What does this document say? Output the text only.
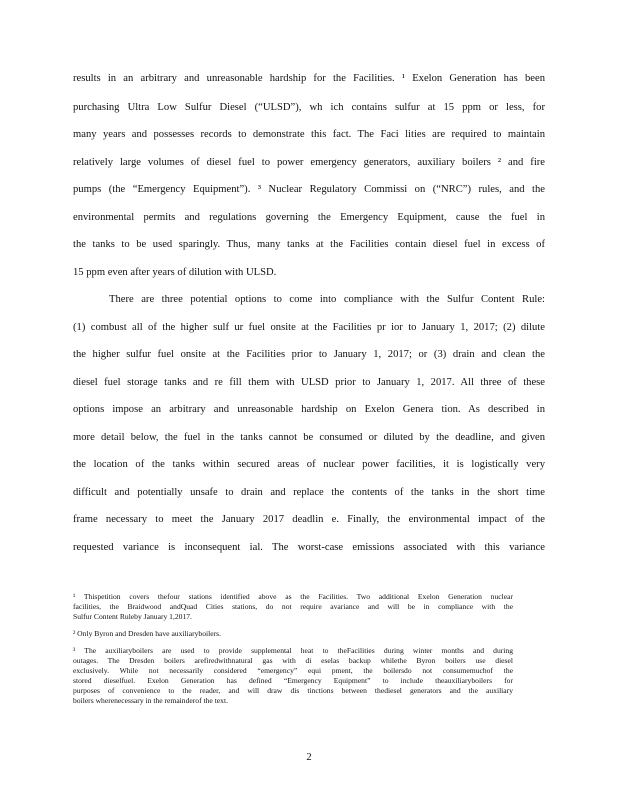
results in an arbitrary and unreasonable hardship for the Facilities. ¹ Exelon Generation has been
purchasing Ultra Low Sulfur Diesel (“ULSD”), wh ich contains sulfur at 15 ppm or less, for
many years and possesses records to demonstrate this fact. The Faci lities are required to maintain
relatively large volumes of diesel fuel to power emergency generators, auxiliary boilers ² and fire
pumps (the “Emergency Equipment”). ³ Nuclear Regulatory Commissi on (“NRC”) rules, and the
environmental permits and regulations governing the Emergency Equipment, cause the fuel in
the tanks to be used sparingly. Thus, many tanks at the Facilities contain diesel fuel in excess of
15 ppm even after years of dilution with ULSD.
There are three potential options to come into compliance with the Sulfur Content Rule:
(1) combust all of the higher sulf ur fuel onsite at the Facilities pr ior to January 1, 2017; (2) dilute
the higher sulfur fuel onsite at the Facilities prior to January 1, 2017; or (3) drain and clean the
diesel fuel storage tanks and re fill them with ULSD prior to January 1, 2017. All three of these
options impose an arbitrary and unreasonable hardship on Exelon Genera tion. As described in
more detail below, the fuel in the tanks cannot be consumed or diluted by the deadline, and given
the location of the tanks within secured areas of nuclear power facilities, it is logistically very
difficult and potentially unsafe to drain and replace the contents of the tanks in the short time
frame necessary to meet the January 2017 deadlin e. Finally, the environmental impact of the
requested variance is inconsequent ial. The worst-case emissions associated with this variance
¹ Thispetition covers thefour stations identified above as the Facilities. Two additional Exelon Generation nuclear
facilities, the Braidwood andQuad Cities stations, do not require avariance and will be in compliance with the
Sulfur Content Ruleby January 1,2017.
² Only Byron and Dresden have auxiliaryboilers.
³ The auxiliaryboilers are used to provide supplemental heat to theFacilities during winter months and during
outages. The Dresden boilers arefiredwithnatural gas with di eselas backup whilethe Byron boilers use diesel
exclusively. While not necessarily considered “emergency” equi pment, the boilersdo not consumemuchof the
stored dieselfuel. Exelon Generation has defined “Emergency Equipment” to include theauxiliaryboilers for
purposes of convenience to the reader, and will draw dis tinctions between thediesel generators and the auxiliary
boilers wherenecessary in the remainderof the text.
2
